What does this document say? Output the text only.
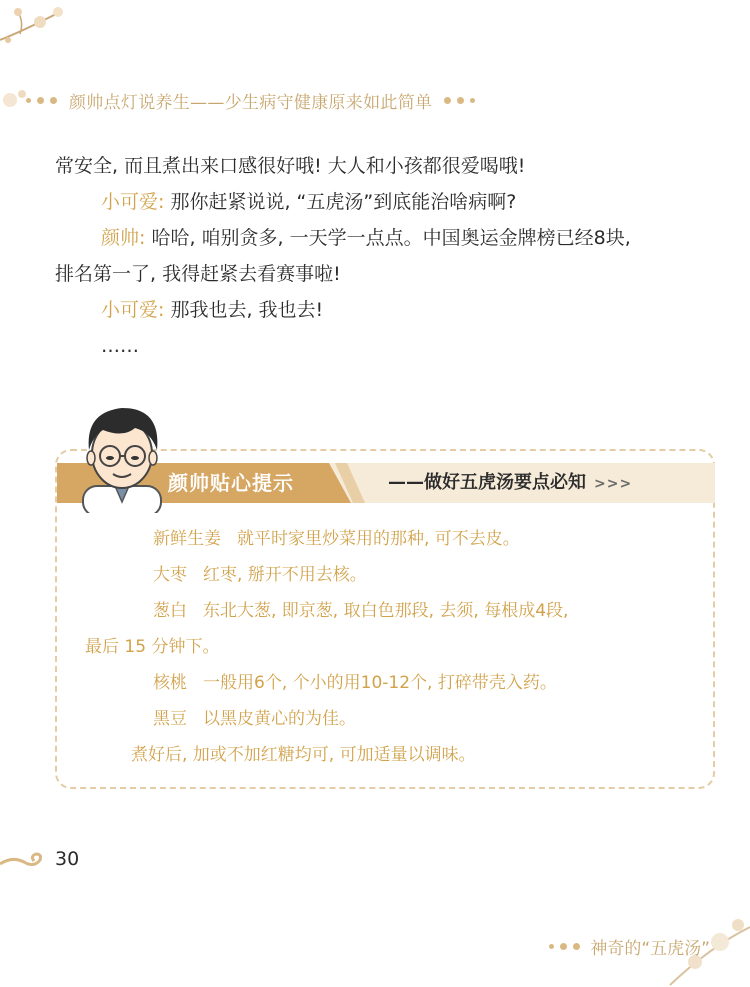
颜帅点灯说养生——少生病守健康原来如此简单

常安全, 而且煮出来口感很好哦! 大人和小孩都很爱喝哦!

小可爱: 那你赶紧说说, “五虎汤”到底能治啥病啊?

颜帅: 哈哈, 咱别贪多, 一天学一点点。中国奥运金牌榜已经8块,

排名第一了, 我得赶紧去看赛事啦!

小可爱: 那我也去, 我也去!

……

颜帅贴心提示	——做好五虎汤要点必知 >>>

新鲜生姜 就平时家里炒菜用的那种, 可不去皮。

大枣 红枣, 掰开不用去核。

葱白 东北大葱, 即京葱, 取白色那段, 去须, 每根成4段,

最后 15 分钟下。

核桃 一般用6个, 个小的用10-12个, 打碎带壳入药。

黑豆 以黑皮黄心的为佳。

煮好后, 加或不加红糖均可, 可加适量以调味。

30
神奇的“五虎汤”
